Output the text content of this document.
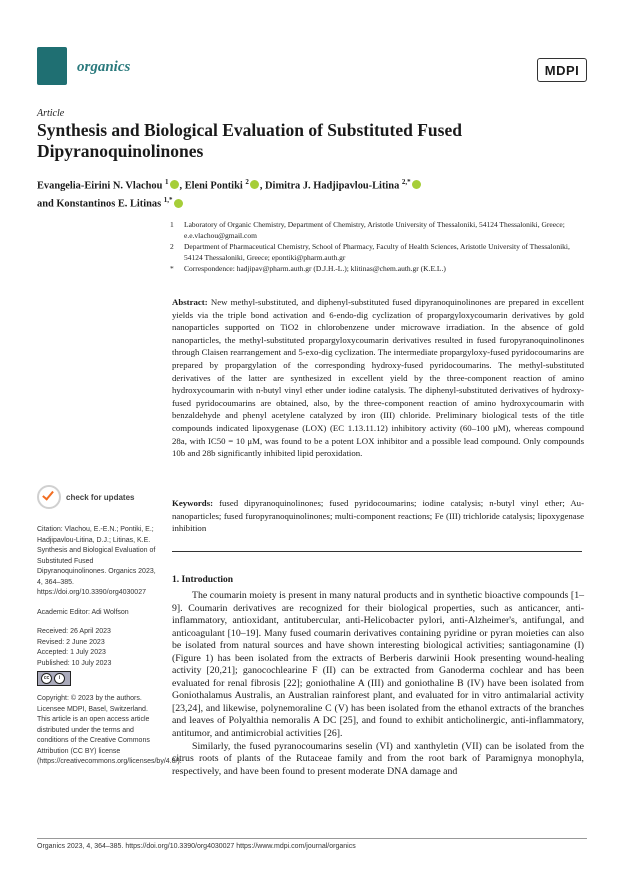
organics	MDPI
Article
Synthesis and Biological Evaluation of Substituted Fused Dipyranoquinolinones
Evangelia-Eirini N. Vlachou $^1$ , Eleni Pontiki $^2$ , Dimitra J. Hadjipavlou-Litina $^{2,*}$
and Konstantinos E. Litinas $^{1,*}$
1	Laboratory of Organic Chemistry, Department of Chemistry, Aristotle University of Thessaloniki, 54124 Thessaloniki, Greece; e.e.vlachou@gmail.com
2	Department of Pharmaceutical Chemistry, School of Pharmacy, Faculty of Health Sciences, Aristotle University of Thessaloniki, 54124 Thessaloniki, Greece; epontiki@pharm.auth.gr
*	Correspondence: hadjipav@pharm.auth.gr (D.J.H.-L.); klitinas@chem.auth.gr (K.E.L.)
Abstract: New methyl-substituted, and diphenyl-substituted fused dipyranoquinolinones are prepared in excellent yields via the triple bond activation and 6-endo-dig cyclization of propargyloxycoumarin derivatives by gold nanoparticles supported on TiO2 in chlorobenzene under microwave irradiation. In the absence of gold nanoparticles, the methyl-substituted propargyloxycoumarin derivatives resulted in fused furopyranoquinolinones through Claisen rearrangement and 5-exo-dig cyclization. The intermediate propargyloxy-fused pyridocoumarins are prepared by propargylation of the corresponding hydroxy-fused pyridocoumarins. The methyl-substituted derivatives of the latter are synthesized in excellent yield by the three-component reaction of amino hydroxycoumarin with n-butyl vinyl ether under iodine catalysis. The diphenyl-substituted derivatives of hydroxy-fused pyridocoumarins are obtained, also, by the three-component reaction of amino hydroxycoumarin with benzaldehyde and phenyl acetylene catalyzed by iron (III) chloride. Preliminary biological tests of the title compounds indicated lipoxygenase (LOX) (EC 1.13.11.12) inhibitory activity (60–100 μM), whereas compound 28a, with IC50 = 10 μM, was found to be a potent LOX inhibitor and a possible lead compound. Only compounds 10b and 28b significantly inhibited lipid peroxidation.
Keywords: fused dipyranoquinolinones; fused pyridocoumarins; iodine catalysis; n-butyl vinyl ether; Au-nanoparticles; fused furopyranoquinolinones; multi-component reactions; Fe (III) trichloride catalysis; lipoxygenase inhibition
check for updates

Citation: Vlachou, E.-E.N.; Pontiki, E.; Hadjipavlou-Litina, D.J.; Litinas, K.E. Synthesis and Biological Evaluation of Substituted Fused Dipyranoquinolinones. Organics 2023, 4, 364–385. https://doi.org/10.3390/org4030027

Academic Editor: Adi Wolfson

Received: 26 April 2023
Revised: 2 June 2023
Accepted: 1 July 2023
Published: 10 July 2023
cc	i

Copyright: © 2023 by the authors. Licensee MDPI, Basel, Switzerland. This article is an open access article distributed under the terms and conditions of the Creative Commons Attribution (CC BY) license (https://creativecommons.org/licenses/by/4.0/).

1. Introduction

The coumarin moiety is present in many natural products and in synthetic bioactive compounds [1–9]. Coumarin derivatives are recognized for their biological properties, such as anticancer, anti-inflammatory, antioxidant, antitubercular, anti-Helicobacter pylori, anti-Alzheimer's, antifungal, and anticoagulant [10–19]. Many fused coumarin derivatives containing pyridine or pyran moieties can also be isolated from natural sources and have shown interesting biological activities; santiagonamine (I) (Figure 1) has been isolated from the extracts of Berberis darwinii Hook presenting wound-healing activity [20,21]; ganocochlearine F (II) can be extracted from Ganoderma cochlear and has been evaluated for renal fibrosis [22]; goniothaline A (III) and goniothaline B (IV) have been isolated from Goniothalamus Australis, an Australian rainforest plant, and evaluated for in vitro antimalarial activity [23,24], and likewise, polynemoraline C (V) has been isolated from the ethanol extracts of the branches and leaves of Polyalthia nemoralis A DC [25], and found to exhibit anticholinergic, anti-inflammatory, antitumor, and antimicrobial activities [26].

Similarly, the fused pyranocoumarins seselin (VI) and xanthyletin (VII) can be isolated from the citrus roots of plants of the Rutaceae family and from the root bark of Paramignya monophyla, respectively, and have been found to present moderate DNA damage and

Organics 2023, 4, 364–385. https://doi.org/10.3390/org4030027 https://www.mdpi.com/journal/organics
